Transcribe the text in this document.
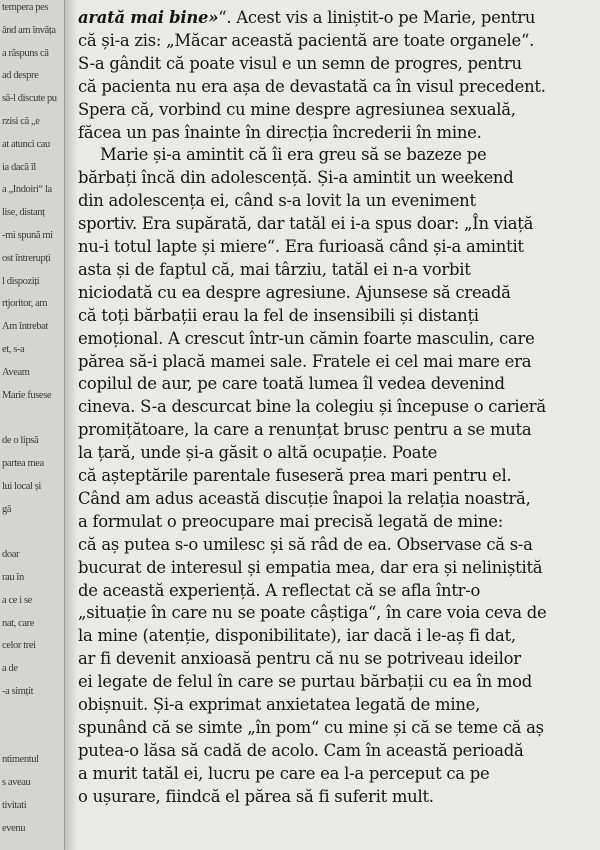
tempera pes
ând am învăța
a răspuns că
ad despre
să-l discute pu
rzisi că „e
at atunci cau
ia dacă îl
a „Indoiri“ la
lise, distanț
-mi spună mi
ost întrerupți
l dispoziți
rtjoritor, am
Am întrebat
et, s-a
Aveam
Marie fusese
de o lipsă
partea mea
lui local și
gă
doar
rau în
a ce i se
nat, care
celor trei
a de
-a simțit
ntimentul
s aveau
tivitati
evenu
arată mai bine»“. Acest vis a liniștit-o pe Marie, pentru
că și-a zis: „Măcar această pacientă are toate organele“.
S-a gândit că poate visul e un semn de progres, pentru
că pacienta nu era așa de devastată ca în visul precedent.
Spera că, vorbind cu mine despre agresiunea sexuală,
făcea un pas înainte în direcția încrederii în mine.
Marie și-a amintit că îi era greu să se bazeze pe
bărbați încă din adolescență. Și-a amintit un weekend
din adolescența ei, când s-a lovit la un eveniment
sportiv. Era supărată, dar tatăl ei i-a spus doar: „În viață
nu-i totul lapte și miere“. Era furioasă când și-a amintit
asta și de faptul că, mai târziu, tatăl ei n-a vorbit
niciodată cu ea despre agresiune. Ajunsese să creadă
că toți bărbații erau la fel de insensibili și distanți
emoțional. A crescut într-un cămin foarte masculin, care
părea să-i placă mamei sale. Fratele ei cel mai mare era
copilul de aur, pe care toată lumea îl vedea devenind
cineva. S-a descurcat bine la colegiu și începuse o carieră
promițătoare, la care a renunțat brusc pentru a se muta
la țară, unde și-a găsit o altă ocupație. Poate
că așteptările parentale fuseseră prea mari pentru el.
Când am adus această discuție înapoi la relația noastră,
a formulat o preocupare mai precisă legată de mine:
că aș putea s-o umilesc și să râd de ea. Observase că s-a
bucurat de interesul și empatia mea, dar era și neliniștită
de această experiență. A reflectat că se afla într-o
„situație în care nu se poate câștiga“, în care voia ceva de
la mine (atenție, disponibilitate), iar dacă i le-aș fi dat,
ar fi devenit anxioasă pentru că nu se potriveau ideilor
ei legate de felul în care se purtau bărbații cu ea în mod
obișnuit. Și-a exprimat anxietatea legată de mine,
spunând că se simte „în pom“ cu mine și că se teme că aș
putea-o lăsa să cadă de acolo. Cam în această perioadă
a murit tatăl ei, lucru pe care ea l-a perceput ca pe
o ușurare, fiindcă el părea să fi suferit mult.
